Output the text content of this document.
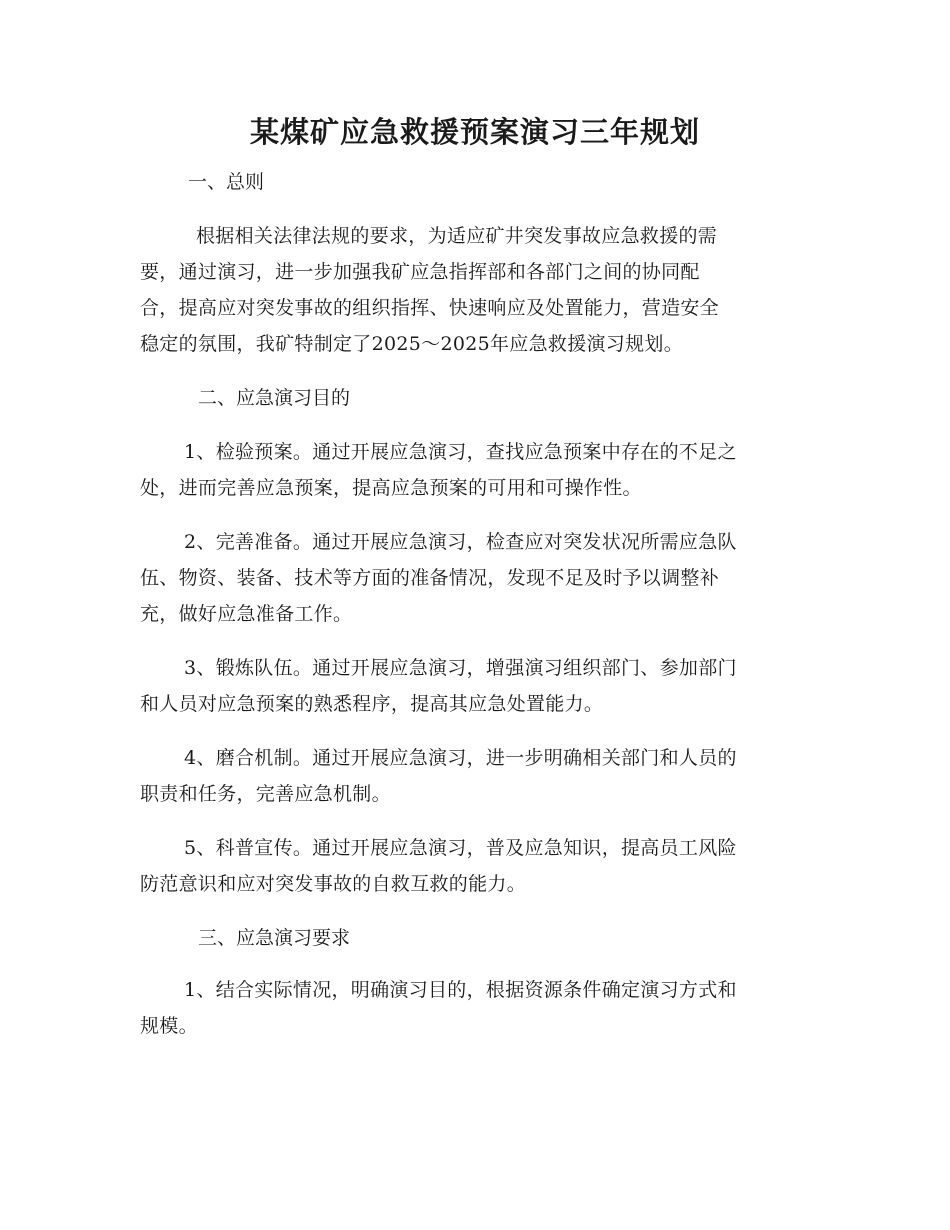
某煤矿应急救援预案演习三年规划
一、总则
根据相关法律法规的要求，为适应矿井突发事故应急救援的需
要，通过演习，进一步加强我矿应急指挥部和各部门之间的协同配
合，提高应对突发事故的组织指挥、快速响应及处置能力，营造安全
稳定的氛围，我矿特制定了2025～2025年应急救援演习规划。
二、应急演习目的
1、检验预案。通过开展应急演习，查找应急预案中存在的不足之
处，进而完善应急预案，提高应急预案的可用和可操作性。
2、完善准备。通过开展应急演习，检查应对突发状况所需应急队
伍、物资、装备、技术等方面的准备情况，发现不足及时予以调整补
充，做好应急准备工作。
3、锻炼队伍。通过开展应急演习，增强演习组织部门、参加部门
和人员对应急预案的熟悉程序，提高其应急处置能力。
4、磨合机制。通过开展应急演习，进一步明确相关部门和人员的
职责和任务，完善应急机制。
5、科普宣传。通过开展应急演习，普及应急知识，提高员工风险
防范意识和应对突发事故的自救互救的能力。
三、应急演习要求
1、结合实际情况，明确演习目的，根据资源条件确定演习方式和
规模。
